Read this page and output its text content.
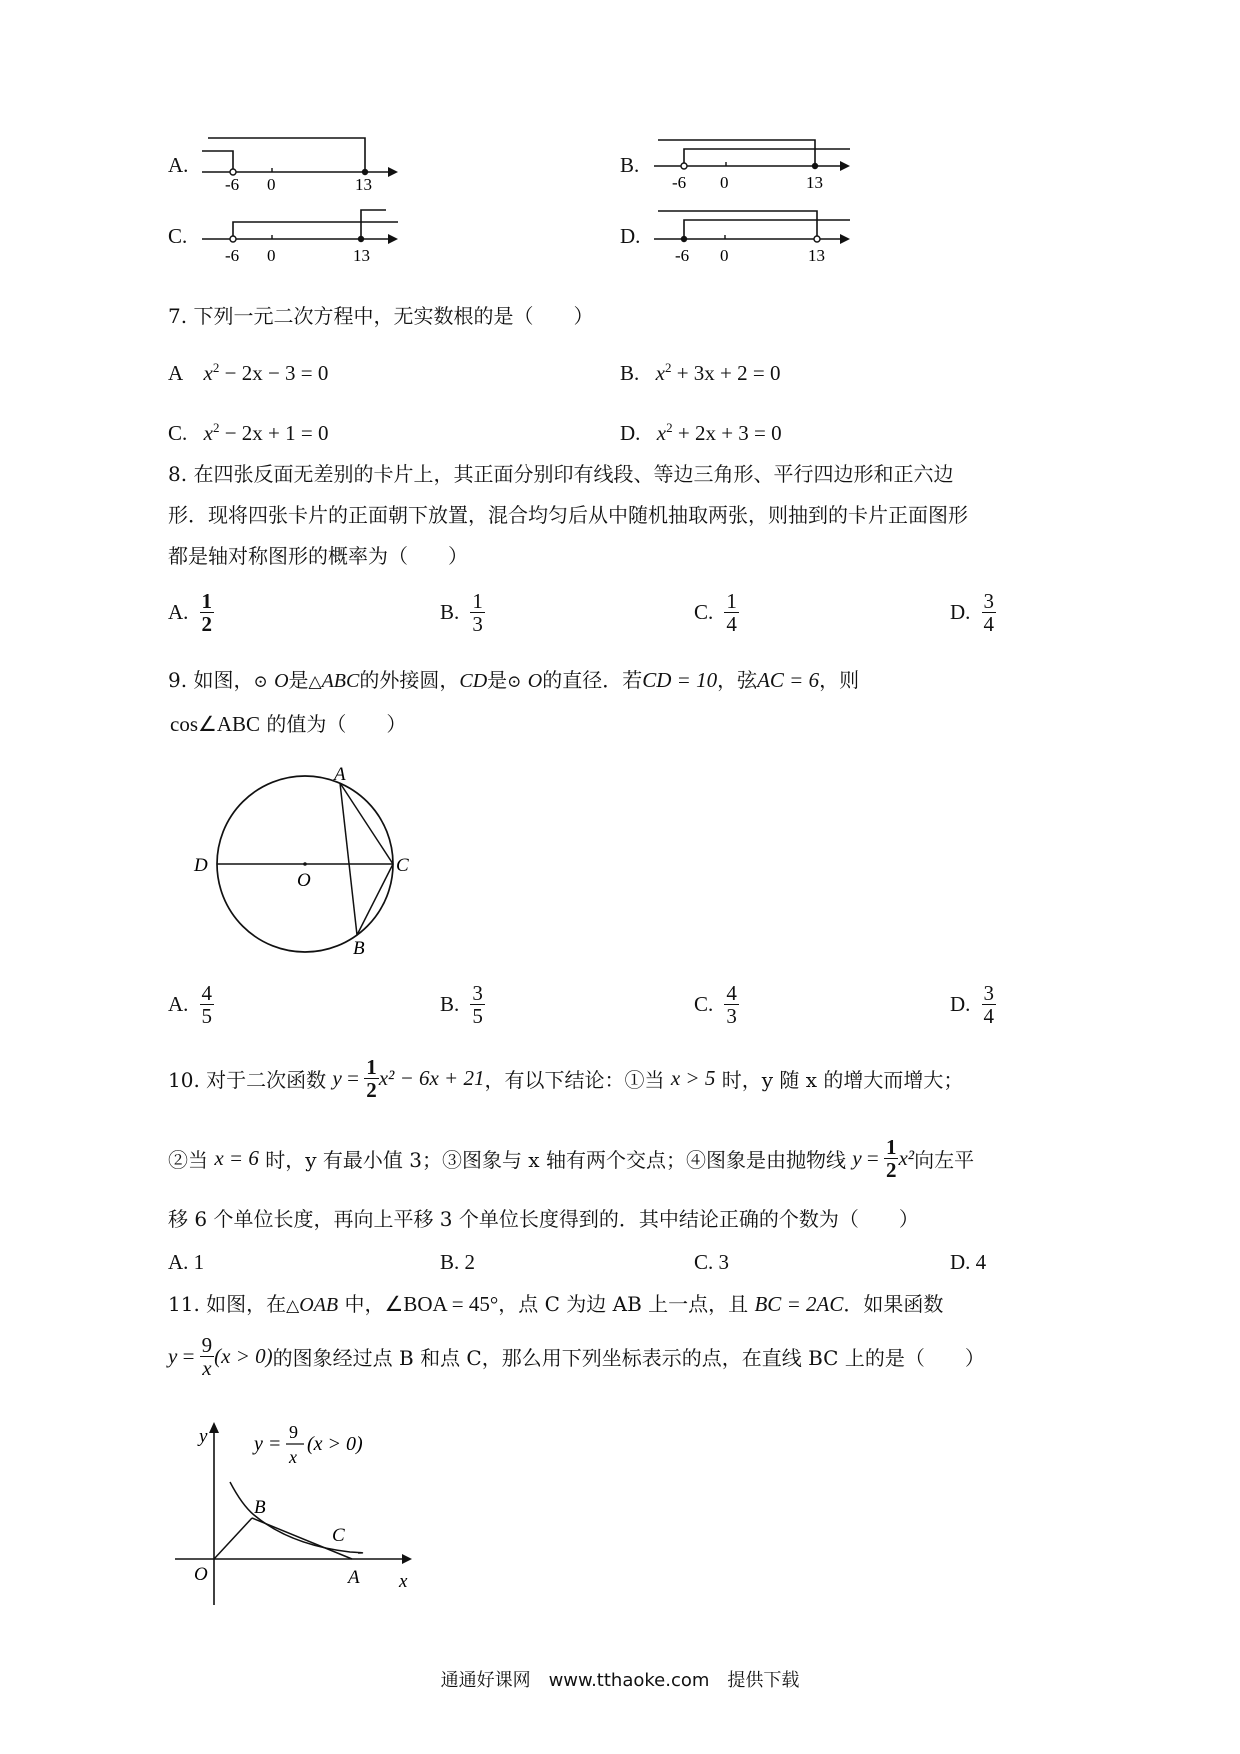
A.
-6 0	13
B.
-6 0	13
C.
-6 0	13
D.
-6 0	13
7. 下列一元二次方程中，无实数根的是（　　）
A $x^2 - 2x - 3 = 0$	B. $x^2 + 3x + 2 = 0$
C. $x^2 - 2x + 1 = 0$	D. $x^2 + 2x + 3 = 0$
8. 在四张反面无差别的卡片上，其正面分别印有线段、等边三角形、平行四边形和正六边
形．现将四张卡片的正面朝下放置，混合均匀后从中随机抽取两张，则抽到的卡片正面图形
都是轴对称图形的概率为（　　）
A. $\frac{1}{2}$	B. $\frac{1}{3}$	C. $\frac{1}{4}$	D. $\frac{3}{4}$
9. 如图，⊙ O是△ABC的外接圆，CD是⊙ O的直径．若CD = 10，弦AC = 6，则
cos∠ABC 的值为（　　）
A
B
C
D
O
A. $\frac{4}{5}$	B. $\frac{3}{5}$	C. $\frac{4}{3}$	D. $\frac{3}{4}$
10. 对于二次函数 $y = \frac{1}{2} x^2 - 6x + 21$，有以下结论：①当 x > 5 时，y 随 x 的增大而增大；
②当 x = 6 时，y 有最小值 3；③图象与 x 轴有两个交点；④图象是由抛物线 $y = \frac{1}{2} x^2$向左平
移 6 个单位长度，再向上平移 3 个单位长度得到的．其中结论正确的个数为（　　）
A. 1	B. 2	C. 3	D. 4
11. 如图，在△OAB 中，∠BOA = 45°，点 C 为边 AB 上一点，且 BC = 2AC．如果函数
$y = \frac{9}{x} (x > 0)$的图象经过点 B 和点 C，那么用下列坐标表示的点，在直线 BC 上的是（　　）
y
x
O	A
B
C
y =
9
x
(x > 0)
通通好课网　www.tthaoke.com　提供下载
